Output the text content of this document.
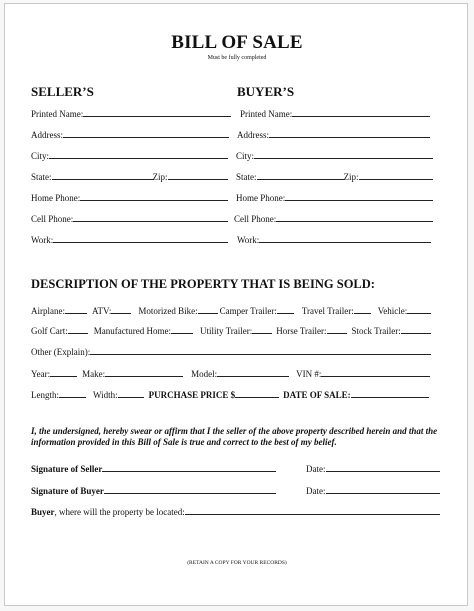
BILL OF SALE
Must be fully completed
SELLER’S
Printed Name:
Address:
City:
State:	Zip:
Home Phone:
Cell Phone:
Work:
BUYER’S
Printed Name:
Address:
City:
State:	Zip:
Home Phone:
Cell Phone:
Work:
DESCRIPTION OF THE PROPERTY THAT IS BEING SOLD:
Airplane:	ATV:	Motorized Bike: Camper Trailer:	Travel Trailer:	Vehicle:
Golf Cart:	Manufactured Home:	Utility Trailer:	Horse Trailer:	Stock Trailer:
Other (Explain):
Year:	Make:	Model:	VIN #:
Length:	Width:	PURCHASE PRICE $	DATE OF SALE:
I, the undersigned, hereby swear or affirm that I the seller of the above property described herein and that the information provided in this Bill of Sale is true and correct to the best of my belief.
Signature of Seller	Date:
Signature of Buyer	Date:
Buyer , where will the property be located:
(RETAIN A COPY FOR YOUR RECORDS)
